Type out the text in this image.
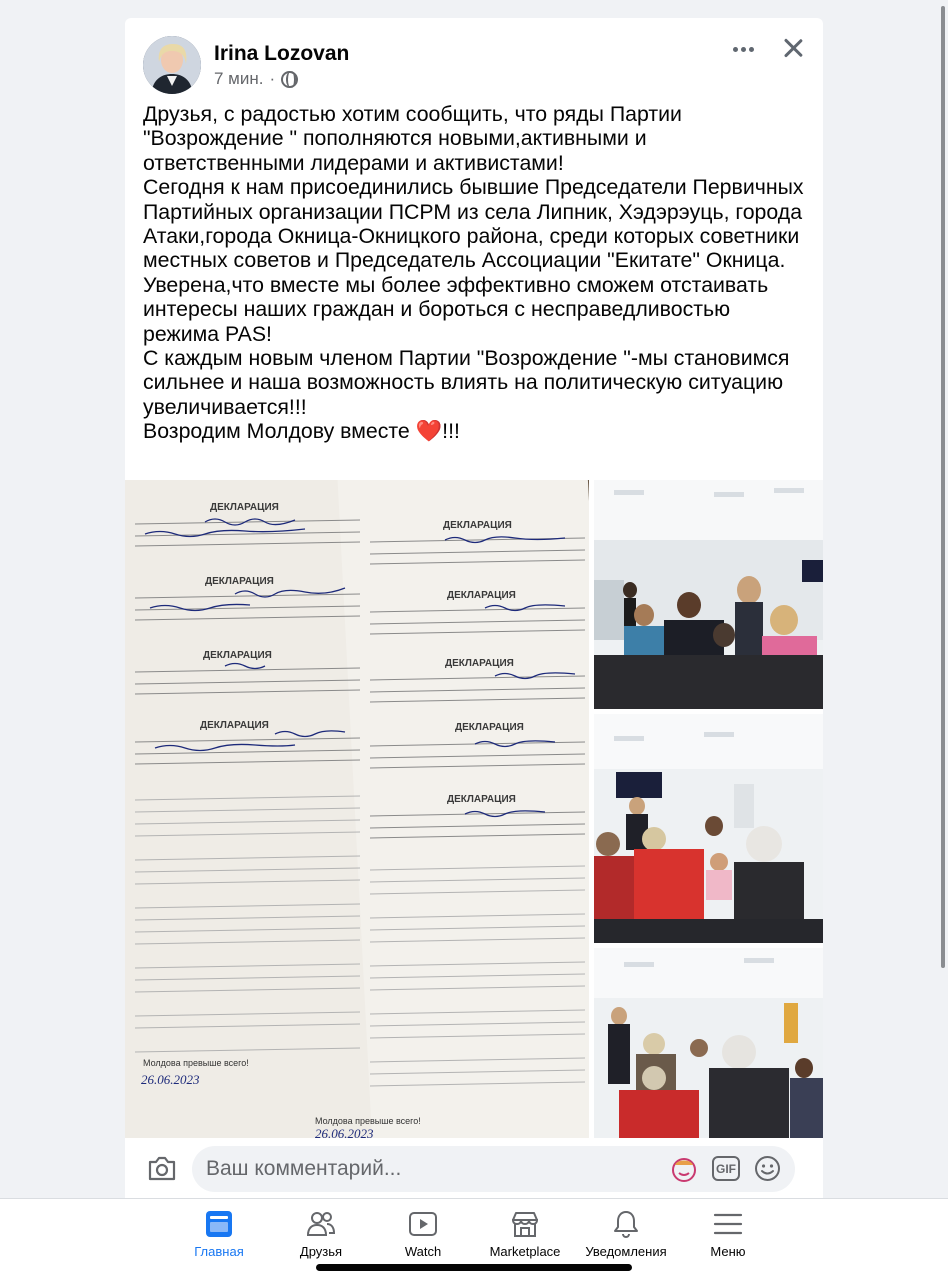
Irina Lozovan
7 мин. ·

Друзья, с радостью хотим сообщить, что ряды Партии "Возрождение " пополняются новыми,активными и ответственными лидерами и активистами!

Сегодня к нам присоединились бывшие Председатели Первичных Партийных организации ПСРМ из села Липник, Хэдэрэуць, города Атаки,города Окница-Окницкого района, среди которых советники местных советов и Председатель Ассоциации "Екитате" Окница.

Уверена,что вместе мы более эффективно сможем отстаивать интересы наших граждан и бороться с несправедливостью режима PAS!

С каждым новым членом Партии "Возрождение "-мы становимся сильнее и наша возможность влиять на политическую ситуацию увеличивается!!!

Возродим Молдову вместе ❤️!!!

ДЕКЛАРАЦИЯ
ДЕКЛАРАЦИЯ
ДЕКЛАРАЦИЯ
ДЕКЛАРАЦИЯ
ДЕКЛАРАЦИЯ
ДЕКЛАРАЦИЯ
ДЕКЛАРАЦИЯ
ДЕКЛАРАЦИЯ
ДЕКЛАРАЦИЯ
Молдова превыше всего!
Молдова превыше всего!
26.06.2023
26.06.2023
Ваш комментарий...
GIF
Главная	Друзья	Watch	Marketplace Уведомления	Меню
